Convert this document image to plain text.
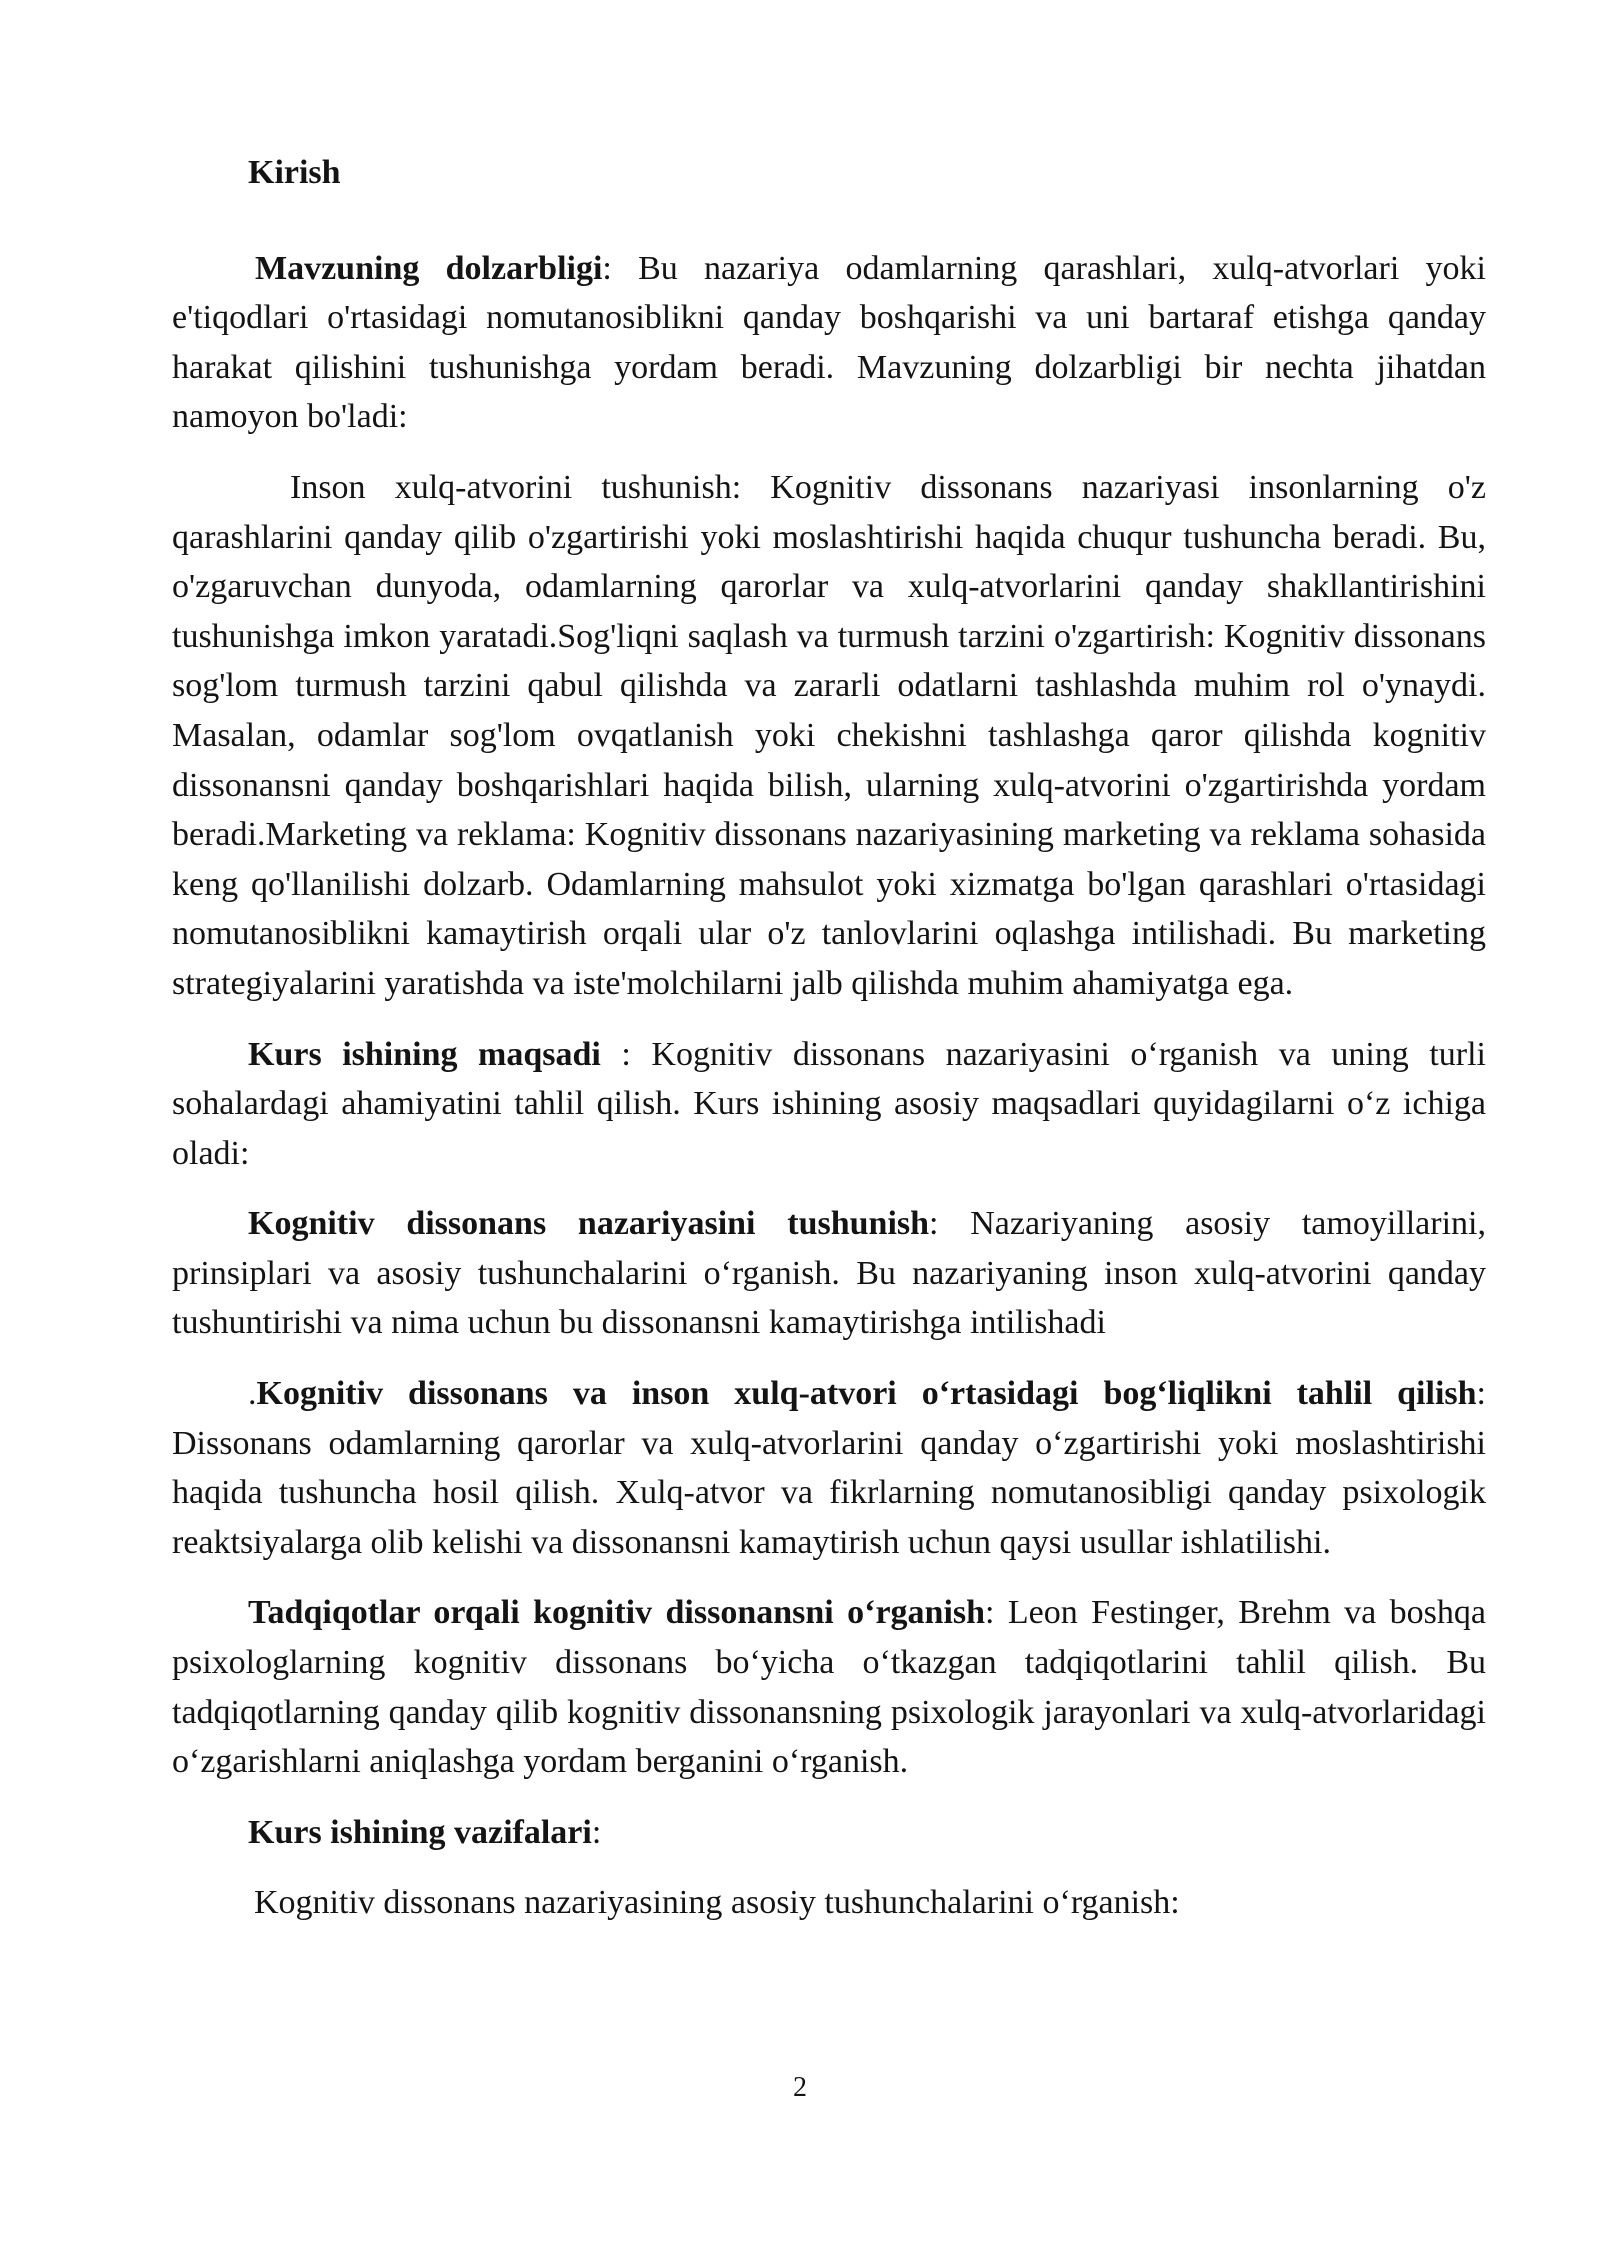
Kirish

Mavzuning dolzarbligi: Bu nazariya odamlarning qarashlari, xulq-atvorlari yoki e'tiqodlari o'rtasidagi nomutanosiblikni qanday boshqarishi va uni bartaraf etishga qanday harakat qilishini tushunishga yordam beradi. Mavzuning dolzarbligi bir nechta jihatdan namoyon bo'ladi:

Inson xulq-atvorini tushunish: Kognitiv dissonans nazariyasi insonlarning o'z qarashlarini qanday qilib o'zgartirishi yoki moslashtirishi haqida chuqur tushuncha beradi. Bu, o'zgaruvchan dunyoda, odamlarning qarorlar va xulq-atvorlarini qanday shakllantirishini tushunishga imkon yaratadi.Sog'liqni saqlash va turmush tarzini o'zgartirish: Kognitiv dissonans sog'lom turmush tarzini qabul qilishda va zararli odatlarni tashlashda muhim rol o'ynaydi. Masalan, odamlar sog'lom ovqatlanish yoki chekishni tashlashga qaror qilishda kognitiv dissonansni qanday boshqarishlari haqida bilish, ularning xulq-atvorini o'zgartirishda yordam beradi.Marketing va reklama: Kognitiv dissonans nazariyasining marketing va reklama sohasida keng qo'llanilishi dolzarb. Odamlarning mahsulot yoki xizmatga bo'lgan qarashlari o'rtasidagi nomutanosiblikni kamaytirish orqali ular o'z tanlovlarini oqlashga intilishadi. Bu marketing strategiyalarini yaratishda va iste'molchilarni jalb qilishda muhim ahamiyatga ega.

Kurs ishining maqsadi : Kognitiv dissonans nazariyasini o‘rganish va uning turli sohalardagi ahamiyatini tahlil qilish. Kurs ishining asosiy maqsadlari quyidagilarni o‘z ichiga oladi:

Kognitiv dissonans nazariyasini tushunish: Nazariyaning asosiy tamoyillarini, prinsiplari va asosiy tushunchalarini o‘rganish. Bu nazariyaning inson xulq-atvorini qanday tushuntirishi va nima uchun bu dissonansni kamaytirishga intilishadi

.Kognitiv dissonans va inson xulq-atvori o‘rtasidagi bog‘liqlikni tahlil qilish: Dissonans odamlarning qarorlar va xulq-atvorlarini qanday o‘zgartirishi yoki moslashtirishi haqida tushuncha hosil qilish. Xulq-atvor va fikrlarning nomutanosibligi qanday psixologik reaktsiyalarga olib kelishi va dissonansni kamaytirish uchun qaysi usullar ishlatilishi.

Tadqiqotlar orqali kognitiv dissonansni o‘rganish: Leon Festinger, Brehm va boshqa psixologlarning kognitiv dissonans bo‘yicha o‘tkazgan tadqiqotlarini tahlil qilish. Bu tadqiqotlarning qanday qilib kognitiv dissonansning psixologik jarayonlari va xulq-atvorlaridagi o‘zgarishlarni aniqlashga yordam berganini o‘rganish.

Kurs ishining vazifalari:

Kognitiv dissonans nazariyasining asosiy tushunchalarini o‘rganish:

2
